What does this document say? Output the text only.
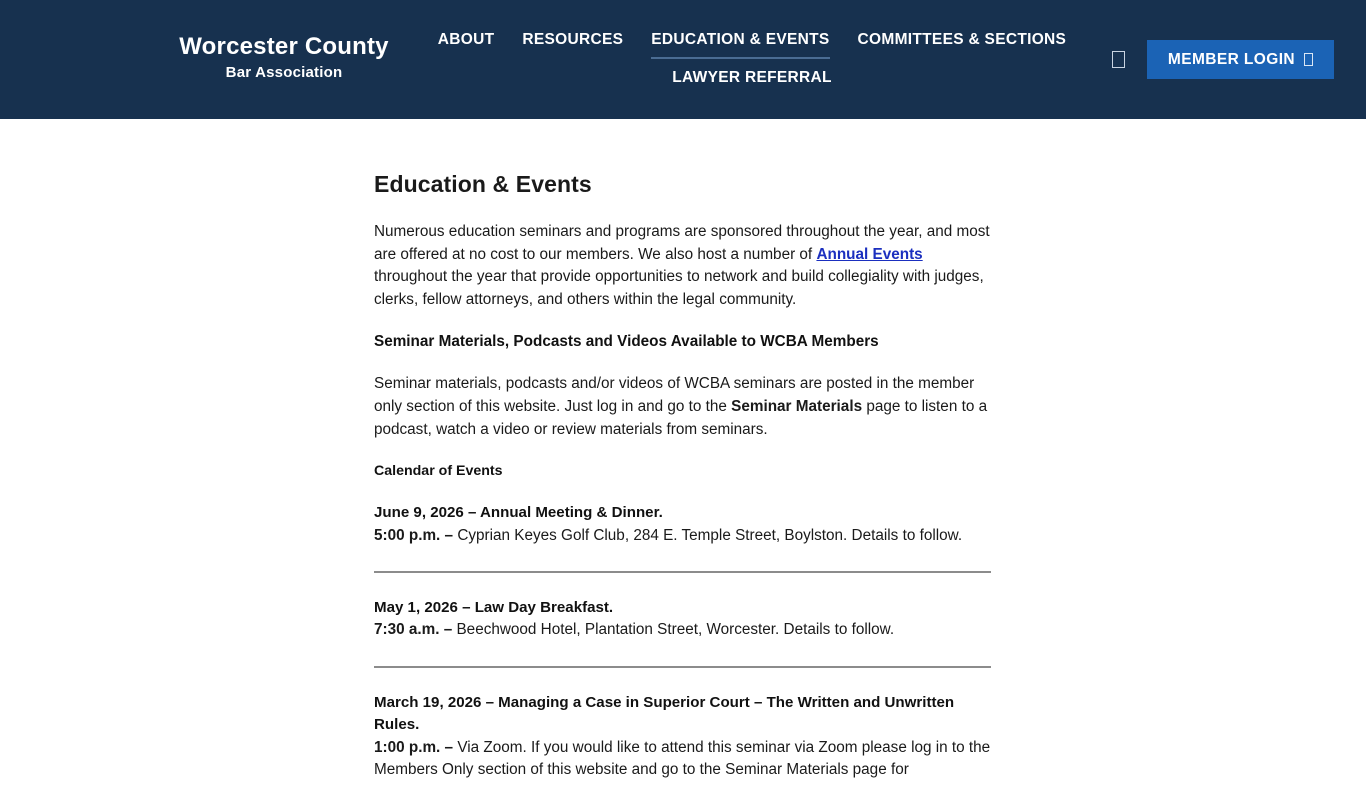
Worcester County
Bar Association
ABOUT RESOURCES EDUCATION & EVENTS COMMITTEES & SECTIONS
LAWYER REFERRAL
MEMBER LOGIN
Education & Events

Numerous education seminars and programs are sponsored throughout the year, and most are offered at no cost to our members. We also host a number of Annual Events throughout the year that provide opportunities to network and build collegiality with judges, clerks, fellow attorneys, and others within the legal community.

Seminar Materials, Podcasts and Videos Available to WCBA Members

Seminar materials, podcasts and/or videos of WCBA seminars are posted in the member only section of this website. Just log in and go to the Seminar Materials page to listen to a podcast, watch a video or review materials from seminars.

Calendar of Events

June 9, 2026 – Annual Meeting & Dinner.

5:00 p.m. – Cyprian Keyes Golf Club, 284 E. Temple Street, Boylston. Details to follow.

May 1, 2026 – Law Day Breakfast.

7:30 a.m. – Beechwood Hotel, Plantation Street, Worcester. Details to follow.

March 19, 2026 – Managing a Case in Superior Court – The Written and Unwritten Rules.

1:00 p.m. – Via Zoom. If you would like to attend this seminar via Zoom please log in to the Members Only section of this website and go to the Seminar Materials page for
